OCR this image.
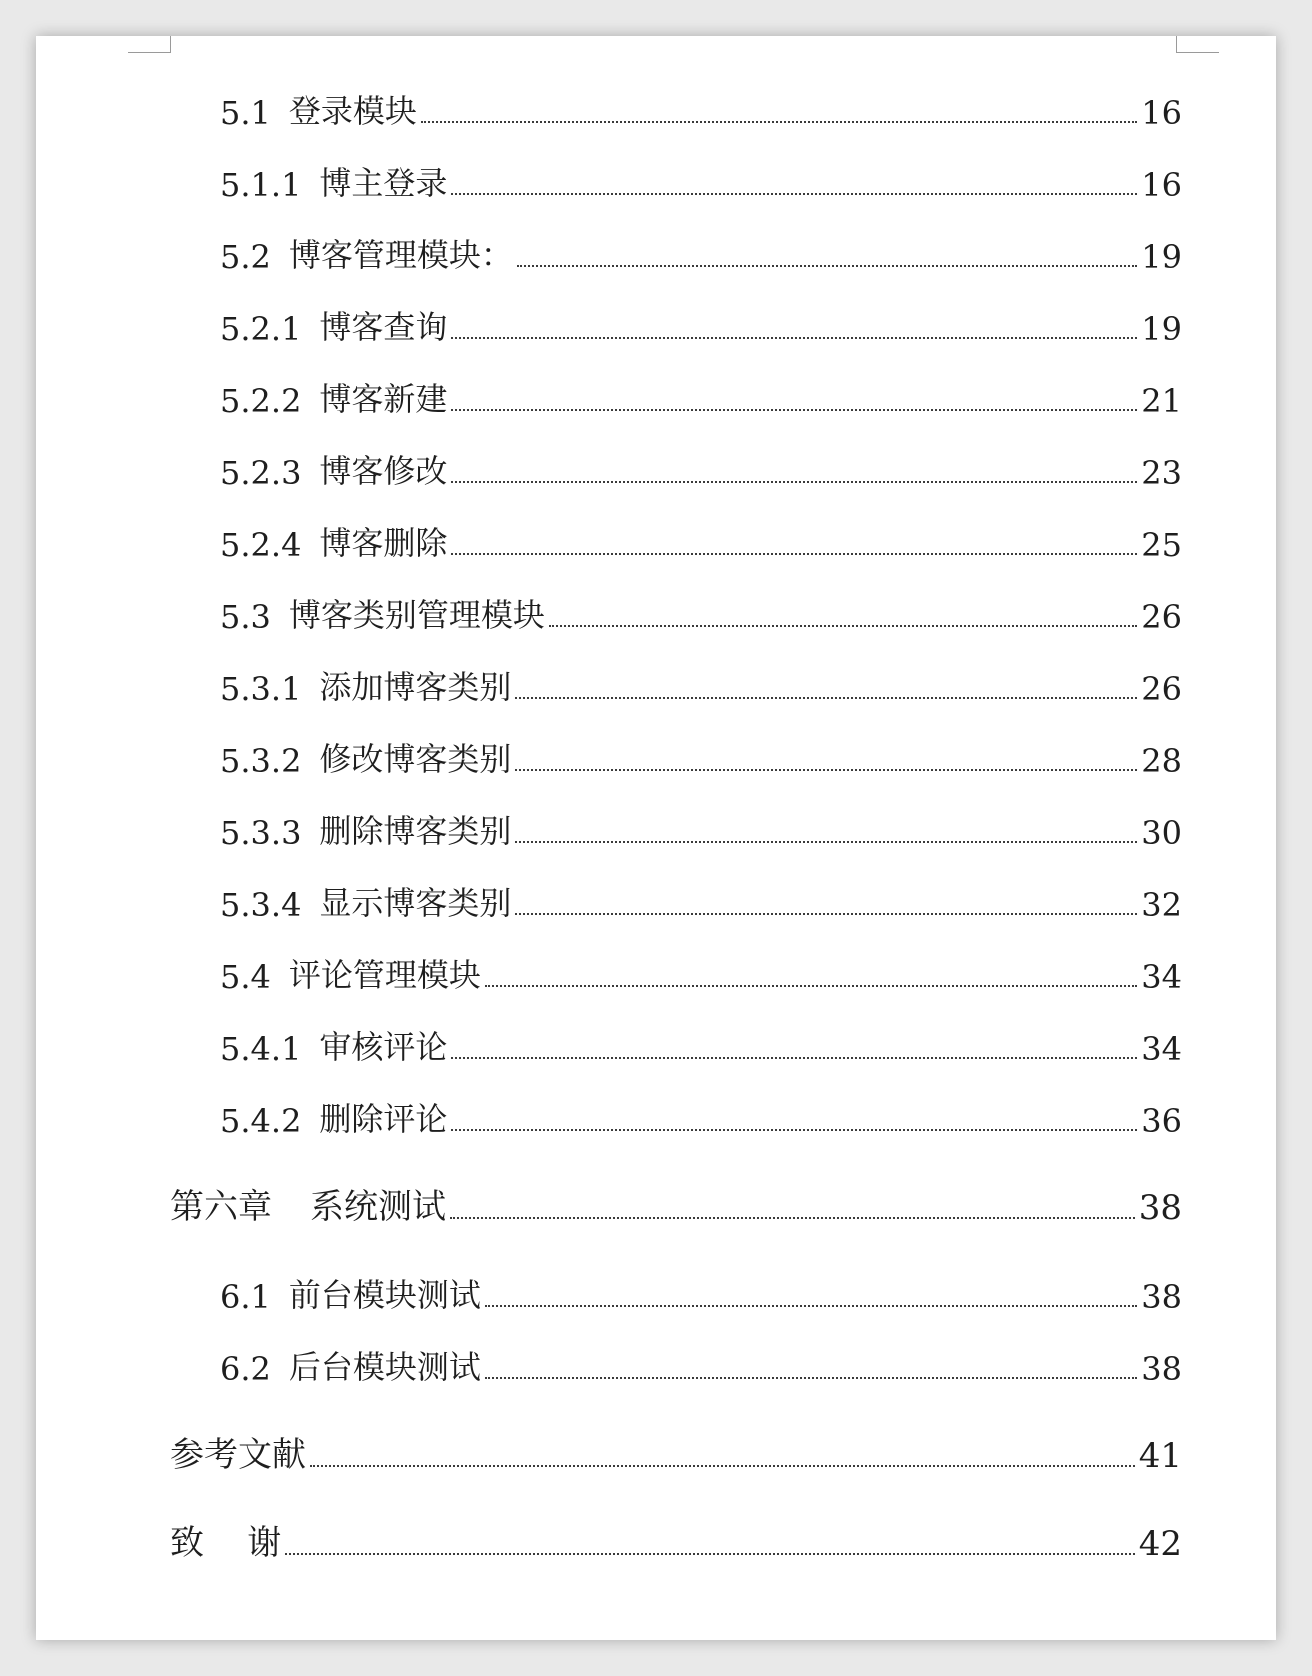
5.1 登录模块	16
5.1.1 博主登录	16
5.2 博客管理模块：	19
5.2.1 博客查询	19
5.2.2 博客新建	21
5.2.3 博客修改	23
5.2.4 博客删除	25
5.3 博客类别管理模块	26
5.3.1 添加博客类别	26
5.3.2 修改博客类别	28
5.3.3 删除博客类别	30
5.3.4 显示博客类别	32
5.4 评论管理模块	34
5.4.1 审核评论	34
5.4.2 删除评论	36
第六章 系统测试	38
6.1 前台模块测试	38
6.2 后台模块测试	38
参考文献	41
致    谢	42
